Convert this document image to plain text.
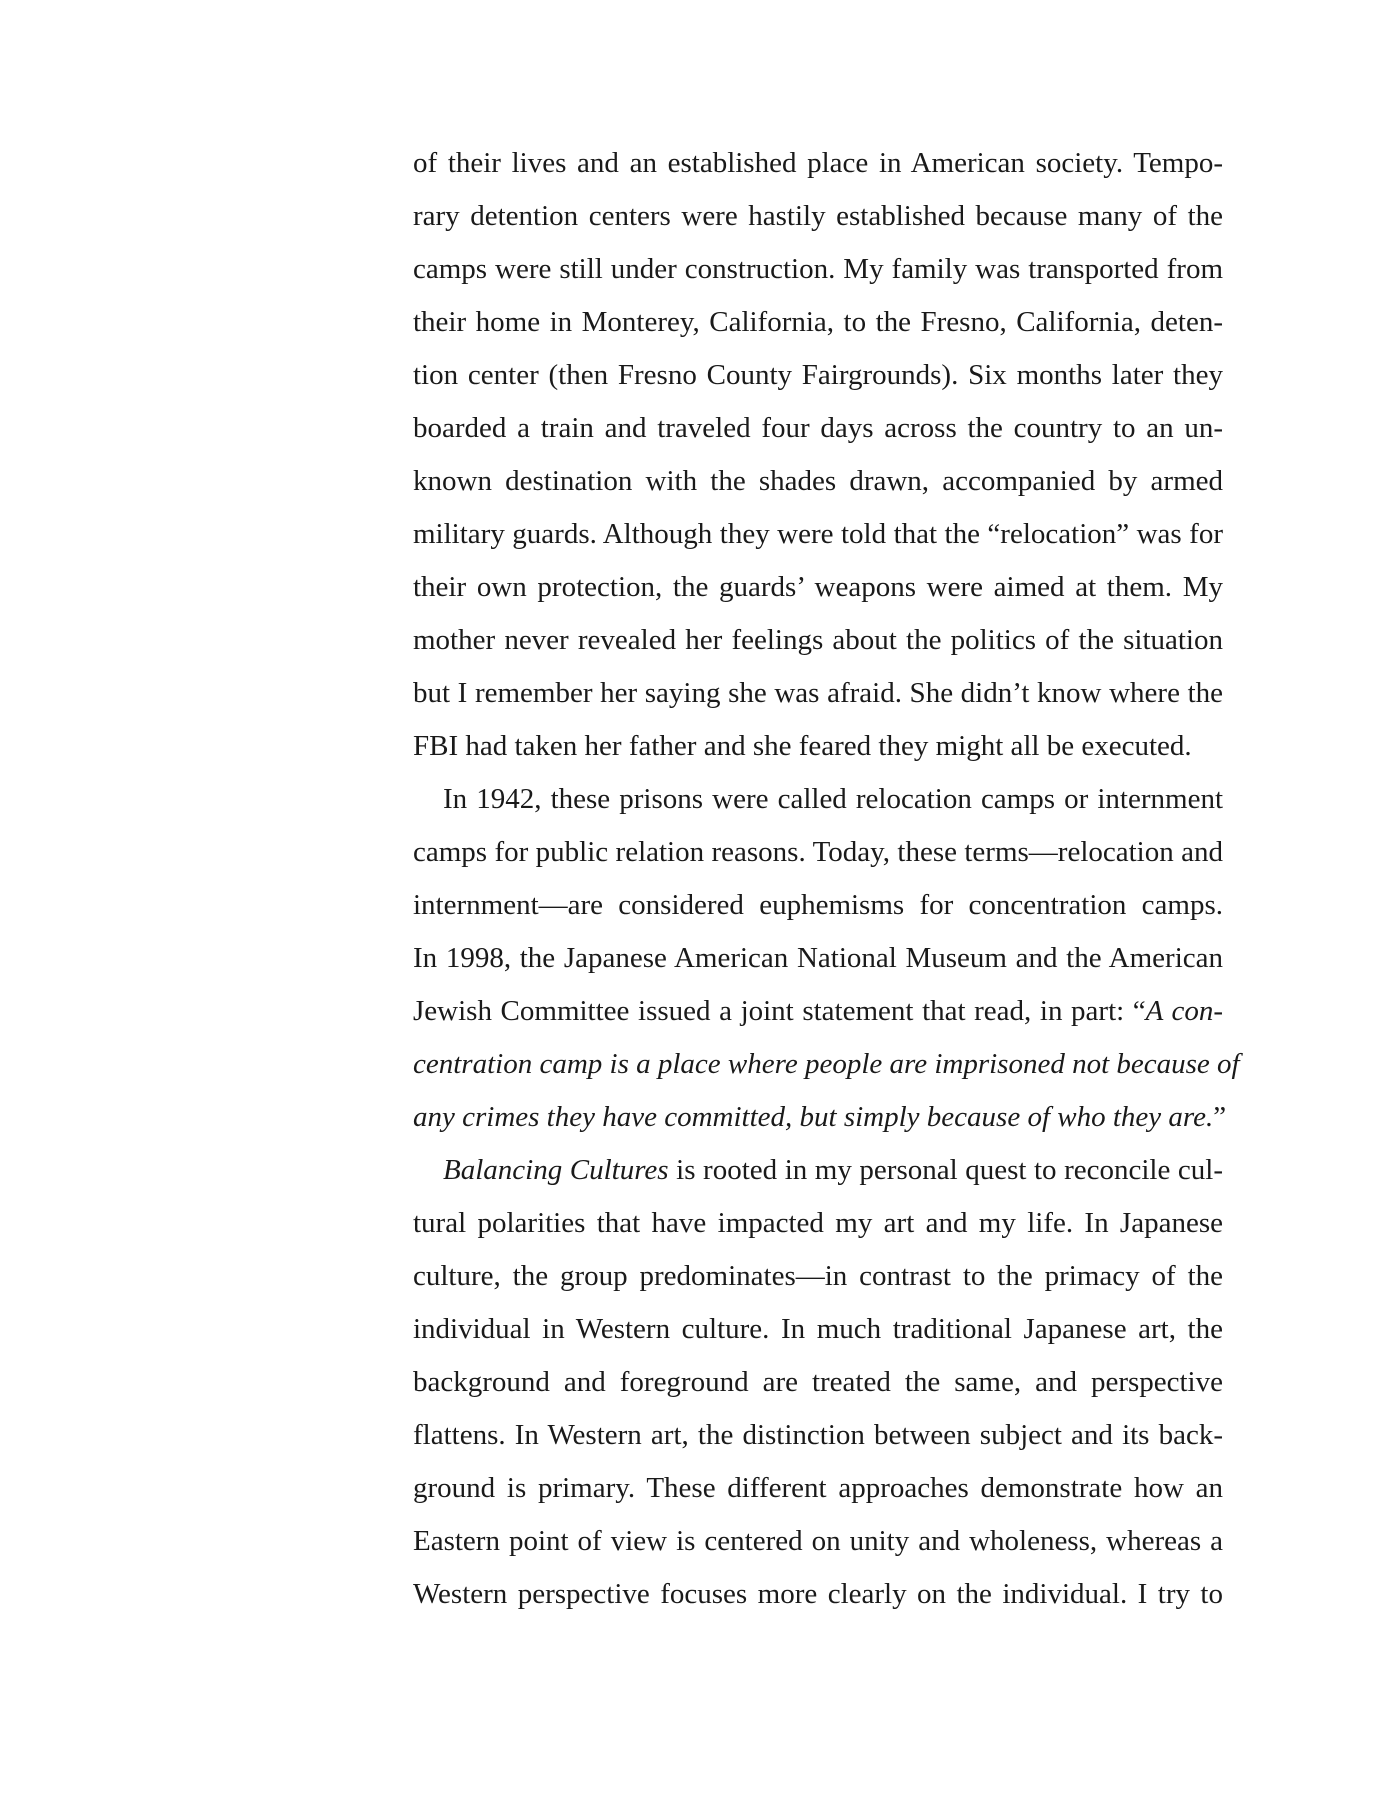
of their lives and an established place in American society. Tempo-
rary detention centers were hastily established because many of the
camps were still under construction. My family was transported from
their home in Monterey, California, to the Fresno, California, deten-
tion center (then Fresno County Fairgrounds). Six months later they
boarded a train and traveled four days across the country to an un-
known destination with the shades drawn, accompanied by armed
military guards. Although they were told that the “relocation” was for
their own protection, the guards’ weapons were aimed at them. My
mother never revealed her feelings about the politics of the situation
but I remember her saying she was afraid. She didn’t know where the
FBI had taken her father and she feared they might all be executed.
In 1942, these prisons were called relocation camps or internment
camps for public relation reasons. Today, these terms—relocation and
internment—are considered euphemisms for concentration camps.
In 1998, the Japanese American National Museum and the American
Jewish Committee issued a joint statement that read, in part: “A con-
centration camp is a place where people are imprisoned not because of
any crimes they have committed, but simply because of who they are.”
Balancing Cultures is rooted in my personal quest to reconcile cul-
tural polarities that have impacted my art and my life. In Japanese
culture, the group predominates—in contrast to the primacy of the
individual in Western culture. In much traditional Japanese art, the
background and foreground are treated the same, and perspective
flattens. In Western art, the distinction between subject and its back-
ground is primary. These different approaches demonstrate how an
Eastern point of view is centered on unity and wholeness, whereas a
Western perspective focuses more clearly on the individual. I try to
